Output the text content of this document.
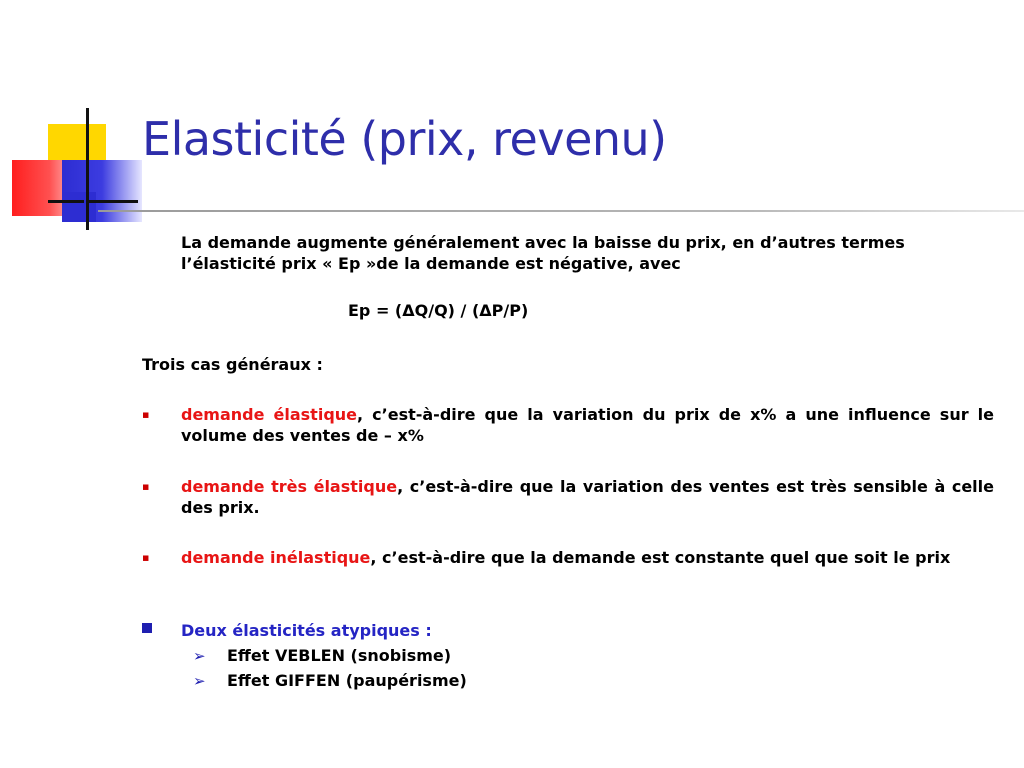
Elasticité (prix, revenu)
La demande augmente généralement avec la baisse du prix, en d’autres termes l’élasticité prix « Ep »de la demande est négative, avec
Ep = (ΔQ/Q) / (ΔP/P)
Trois cas généraux :
▪	demande élastique, c’est-à-dire que la variation du prix de x% a une influence sur le volume des ventes de – x%
▪	demande très élastique, c’est-à-dire que la variation des ventes est très sensible à celle des prix.
▪	demande inélastique, c’est-à-dire que la demande est constante quel que soit le prix
Deux élasticités atypiques :
➢ Effet VEBLEN (snobisme)
➢ Effet GIFFEN (paupérisme)
